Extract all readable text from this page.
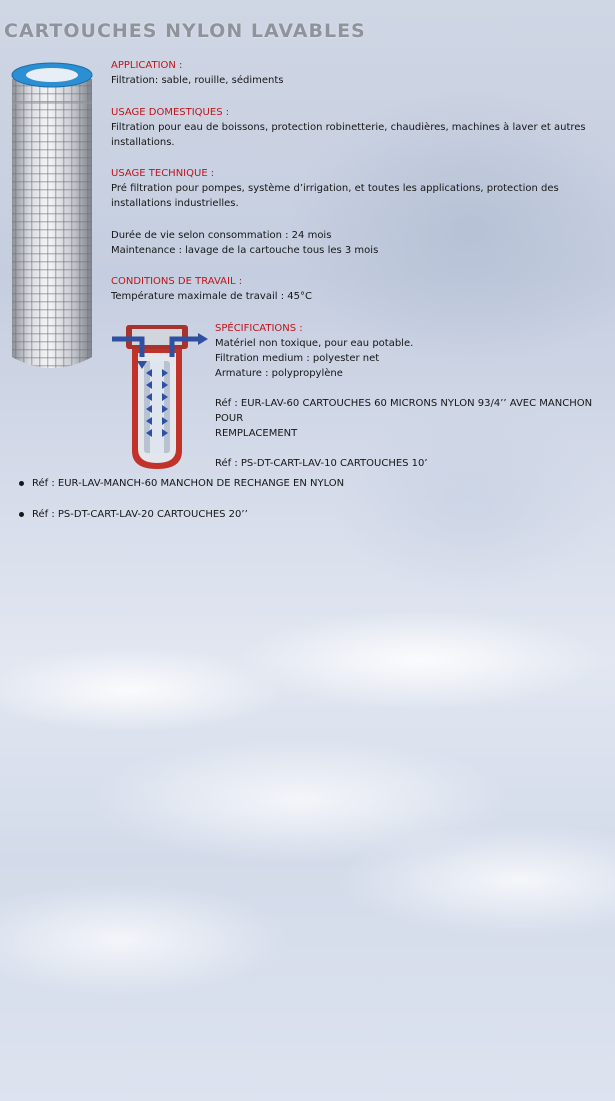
CARTOUCHES NYLON LAVABLES
APPLICATION :
Filtration: sable, rouille, sédiments
USAGE DOMESTIQUES :
Filtration pour eau de boissons, protection robinetterie, chaudières, machines à laver et autres
installations.
USAGE TECHNIQUE :
Pré filtration pour pompes, système d’irrigation, et toutes les applications, protection des
installations industrielles.
Durée de vie selon consommation : 24 mois
Maintenance : lavage de la cartouche tous les 3 mois
CONDITIONS DE TRAVAIL :
Température maximale de travail : 45°C
SPÉCIFICATIONS :
Matériel non toxique, pour eau potable.
Filtration medium : polyester net
Armature : polypropylène
Réf : EUR-LAV-60 CARTOUCHES 60 MICRONS NYLON 93/4’’ AVEC MANCHON POUR
REMPLACEMENT
Réf : PS-DT-CART-LAV-10 CARTOUCHES 10’
Réf : EUR-LAV-MANCH-60 MANCHON DE RECHANGE EN NYLON
Réf : PS-DT-CART-LAV-20 CARTOUCHES 20’’
